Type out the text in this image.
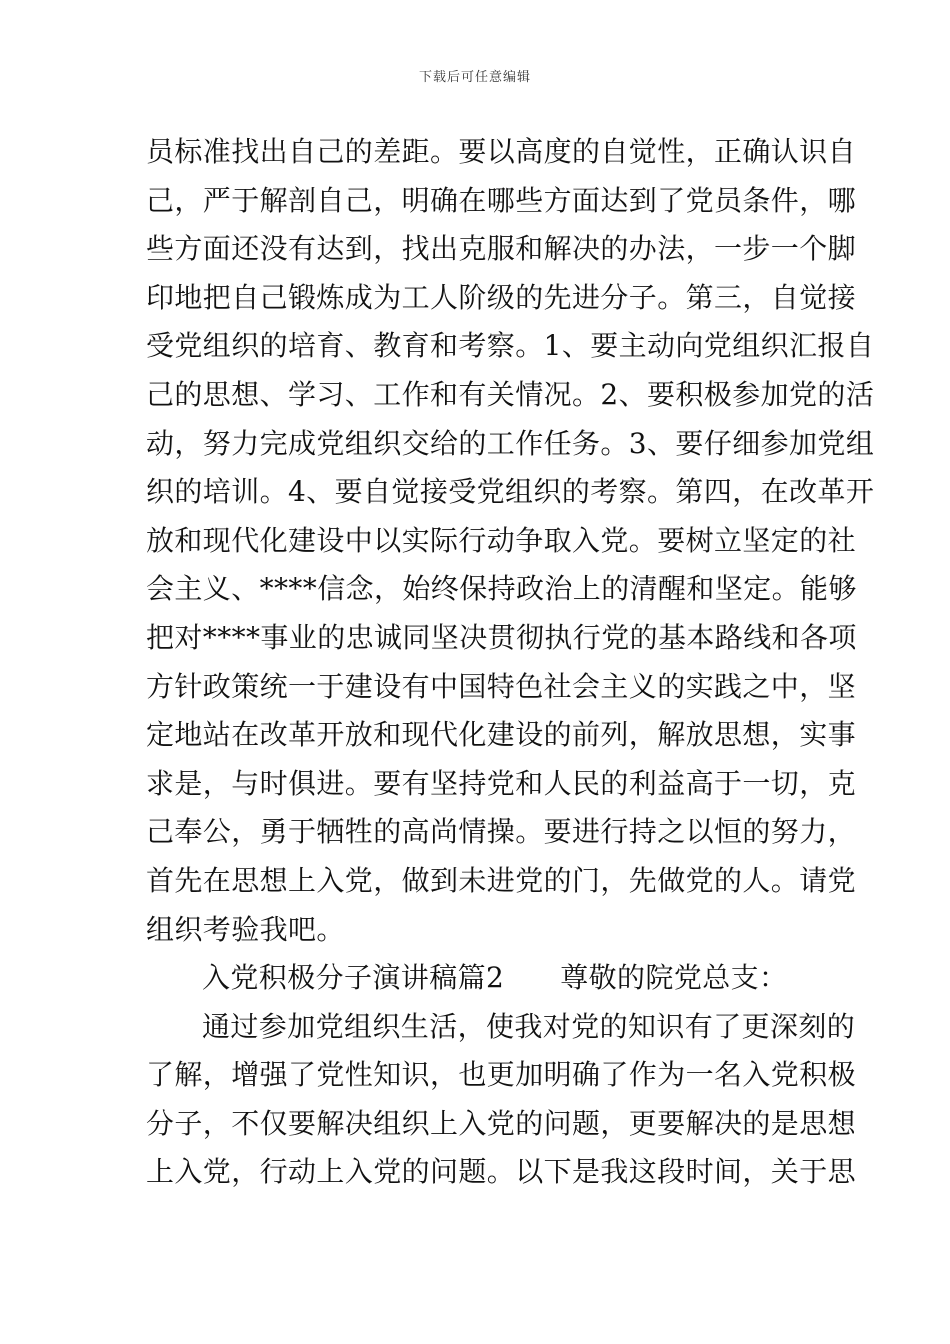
下载后可任意编辑
员标准找出自己的差距。要以高度的自觉性，正确认识自
己，严于解剖自己，明确在哪些方面达到了党员条件，哪
些方面还没有达到，找出克服和解决的办法，一步一个脚
印地把自己锻炼成为工人阶级的先进分子。第三，自觉接
受党组织的培育、教育和考察。1、要主动向党组织汇报自
己的思想、学习、工作和有关情况。2、要积极参加党的活
动，努力完成党组织交给的工作任务。3、要仔细参加党组
织的培训。4、要自觉接受党组织的考察。第四，在改革开
放和现代化建设中以实际行动争取入党。要树立坚定的社
会主义、****信念，始终保持政治上的清醒和坚定。能够
把对****事业的忠诚同坚决贯彻执行党的基本路线和各项
方针政策统一于建设有中国特色社会主义的实践之中，坚
定地站在改革开放和现代化建设的前列，解放思想，实事
求是，与时俱进。要有坚持党和人民的利益高于一切，克
己奉公，勇于牺牲的高尚情操。要进行持之以恒的努力，
首先在思想上入党，做到未进党的门，先做党的人。请党
组织考验我吧。
入党积极分子演讲稿篇2 尊敬的院党总支：
通过参加党组织生活，使我对党的知识有了更深刻的
了解，增强了党性知识，也更加明确了作为一名入党积极
分子，不仅要解决组织上入党的问题，更要解决的是思想
上入党，行动上入党的问题。以下是我这段时间，关于思
